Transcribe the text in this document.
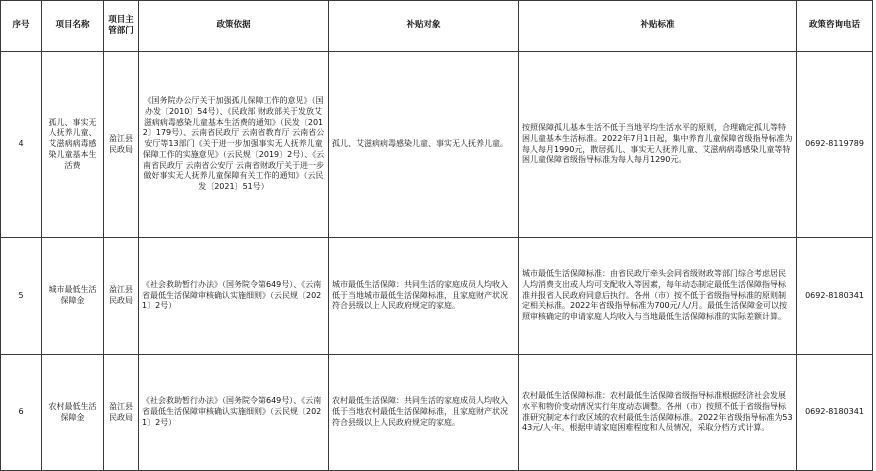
序号	项目名称	项目主管部门	政策依据	补贴对象	补贴标准	政策咨询电话
4	孤儿、事实无人抚养儿童、艾滋病病毒感染儿童基本生活费	盈江县民政局	《国务院办公厅关于加强孤儿保障工作的意见》（国办发〔2010〕54号）、《民政部 财政部关于发放艾滋病病毒感染儿童基本生活费的通知》（民发〔2012〕179号）、云南省民政厅 云南省教育厅 云南省公安厅等13部门《关于进一步加强事实无人抚养儿童保障工作的实施意见》（云民规〔2019〕2号）、《云南省民政厅 云南省公安厅 云南省财政厅关于进一步做好事实无人抚养儿童保障有关工作的通知》（云民发〔2021〕51号）	孤儿、艾滋病病毒感染儿童、事实无人抚养儿童。	按照保障孤儿基本生活不低于当地平均生活水平的原则，合理确定孤儿等特困儿童基本生活标准。2022年7月1日起，集中养育儿童保障省级指导标准为每人每月1990元，散居孤儿、事实无人抚养儿童、艾滋病病毒感染儿童等特困儿童保障省级指导标准为每人每月1290元。	0692-8119789
5	城市最低生活保障金	盈江县民政局	《社会救助暂行办法》（国务院令第649号）、《云南省最低生活保障审核确认实施细则》（云民规〔2021〕2号）	城市最低生活保障：共同生活的家庭成员人均收入低于当地城市最低生活保障标准，且家庭财产状况符合县级以上人民政府规定的家庭。	城市最低生活保障标准：由省民政厅牵头会同省级财政等部门综合考虑居民人均消费支出或人均可支配收入等因素，每年动态制定最低生活保障指导标准并报省人民政府同意后执行。各州（市）按不低于省级指导标准的原则制定相关标准。2022年省级指导标准为700元/人/月。最低生活保障金可以按照审核确定的申请家庭人均收入与当地最低生活保障标准的实际差额计算。	0692-8180341
6	农村最低生活保障金	盈江县民政局	《社会救助暂行办法》（国务院令第649号）、《云南省最低生活保障审核确认实施细则》（云民规〔2021〕2号）	农村最低生活保障：共同生活的家庭成员人均收入低于当地农村最低生活保障标准，且家庭财产状况符合县级以上人民政府规定的家庭。	农村最低生活保障标准：农村最低生活保障省级指导标准根据经济社会发展水平和物价变动情况实行年度动态调整。各州（市）按照不低于省级指导标准研究制定本行政区域的农村最低生活保障标准。2022年省级指导标准为5343元/人·年。根据申请家庭困难程度和人员情况，采取分档方式计算。	0692-8180341
